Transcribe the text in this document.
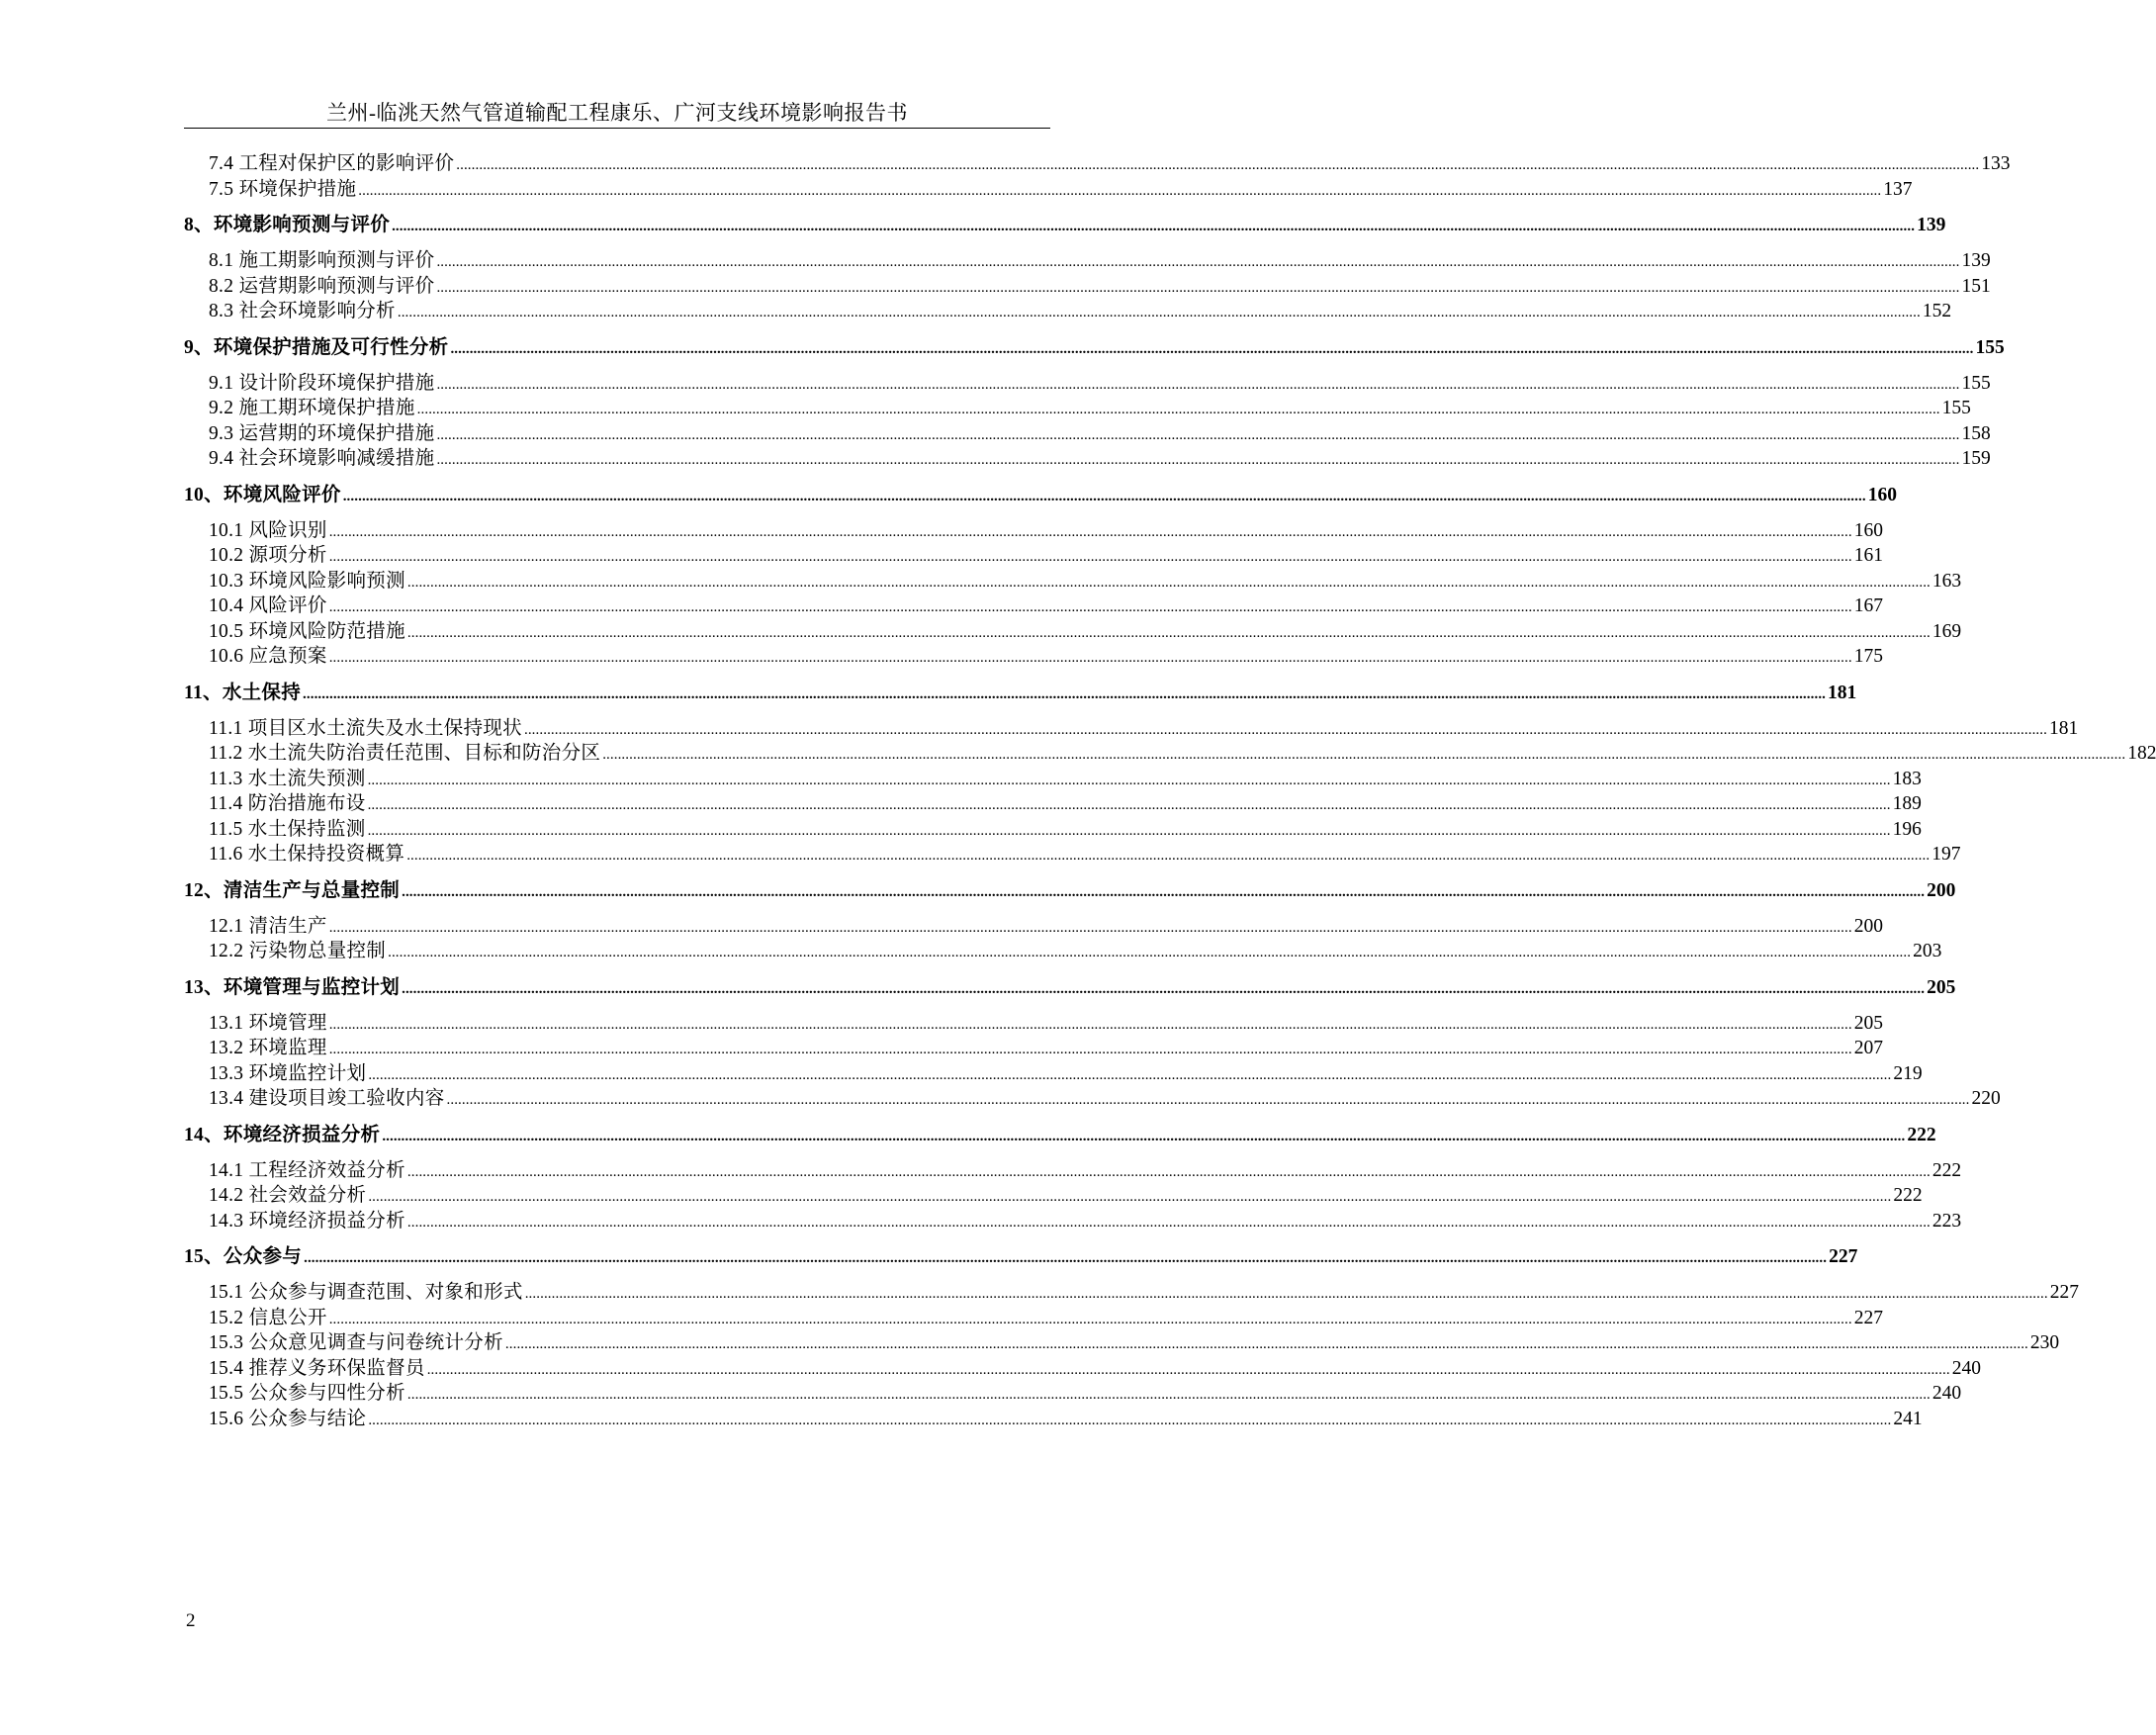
兰州-临洮天然气管道输配工程康乐、广河支线环境影响报告书
7.4 工程对保护区的影响评价 ................................................................................................................................................................................................................................................................................................................................................................................................................ 133
7.5 环境保护措施 ................................................................................................................................................................................................................................................................................................................................................................................................................ 137
8、环境影响预测与评价 ................................................................................................................................................................................................................................................................................................................................................................................................................ 139
8.1 施工期影响预测与评价 ................................................................................................................................................................................................................................................................................................................................................................................................................ 139
8.2 运营期影响预测与评价 ................................................................................................................................................................................................................................................................................................................................................................................................................ 151
8.3 社会环境影响分析 ................................................................................................................................................................................................................................................................................................................................................................................................................ 152
9、环境保护措施及可行性分析 ................................................................................................................................................................................................................................................................................................................................................................................................................ 155
9.1 设计阶段环境保护措施 ................................................................................................................................................................................................................................................................................................................................................................................................................ 155
9.2 施工期环境保护措施 ................................................................................................................................................................................................................................................................................................................................................................................................................ 155
9.3 运营期的环境保护措施 ................................................................................................................................................................................................................................................................................................................................................................................................................ 158
9.4 社会环境影响减缓措施 ................................................................................................................................................................................................................................................................................................................................................................................................................ 159
10、环境风险评价 ................................................................................................................................................................................................................................................................................................................................................................................................................ 160
10.1 风险识别 ................................................................................................................................................................................................................................................................................................................................................................................................................ 160
10.2 源项分析 ................................................................................................................................................................................................................................................................................................................................................................................................................ 161
10.3 环境风险影响预测 ................................................................................................................................................................................................................................................................................................................................................................................................................ 163
10.4 风险评价 ................................................................................................................................................................................................................................................................................................................................................................................................................ 167
10.5 环境风险防范措施 ................................................................................................................................................................................................................................................................................................................................................................................................................ 169
10.6 应急预案 ................................................................................................................................................................................................................................................................................................................................................................................................................ 175
11、水土保持 ................................................................................................................................................................................................................................................................................................................................................................................................................ 181
11.1 项目区水土流失及水土保持现状 ................................................................................................................................................................................................................................................................................................................................................................................................................ 181
11.2 水土流失防治责任范围、目标和防治分区 ................................................................................................................................................................................................................................................................................................................................................................................................................ 182
11.3 水土流失预测 ................................................................................................................................................................................................................................................................................................................................................................................................................ 183
11.4 防治措施布设 ................................................................................................................................................................................................................................................................................................................................................................................................................ 189
11.5 水土保持监测 ................................................................................................................................................................................................................................................................................................................................................................................................................ 196
11.6 水土保持投资概算 ................................................................................................................................................................................................................................................................................................................................................................................................................ 197
12、清洁生产与总量控制 ................................................................................................................................................................................................................................................................................................................................................................................................................ 200
12.1 清洁生产 ................................................................................................................................................................................................................................................................................................................................................................................................................ 200
12.2 污染物总量控制 ................................................................................................................................................................................................................................................................................................................................................................................................................ 203
13、环境管理与监控计划 ................................................................................................................................................................................................................................................................................................................................................................................................................ 205
13.1 环境管理 ................................................................................................................................................................................................................................................................................................................................................................................................................ 205
13.2 环境监理 ................................................................................................................................................................................................................................................................................................................................................................................................................ 207
13.3 环境监控计划 ................................................................................................................................................................................................................................................................................................................................................................................................................ 219
13.4 建设项目竣工验收内容 ................................................................................................................................................................................................................................................................................................................................................................................................................ 220
14、环境经济损益分析 ................................................................................................................................................................................................................................................................................................................................................................................................................ 222
14.1 工程经济效益分析 ................................................................................................................................................................................................................................................................................................................................................................................................................ 222
14.2 社会效益分析 ................................................................................................................................................................................................................................................................................................................................................................................................................ 222
14.3 环境经济损益分析 ................................................................................................................................................................................................................................................................................................................................................................................................................ 223
15、公众参与 ................................................................................................................................................................................................................................................................................................................................................................................................................ 227
15.1 公众参与调查范围、对象和形式 ................................................................................................................................................................................................................................................................................................................................................................................................................ 227
15.2 信息公开 ................................................................................................................................................................................................................................................................................................................................................................................................................ 227
15.3 公众意见调查与问卷统计分析 ................................................................................................................................................................................................................................................................................................................................................................................................................ 230
15.4 推荐义务环保监督员 ................................................................................................................................................................................................................................................................................................................................................................................................................ 240
15.5 公众参与四性分析 ................................................................................................................................................................................................................................................................................................................................................................................................................ 240
15.6 公众参与结论 ................................................................................................................................................................................................................................................................................................................................................................................................................ 241
2
